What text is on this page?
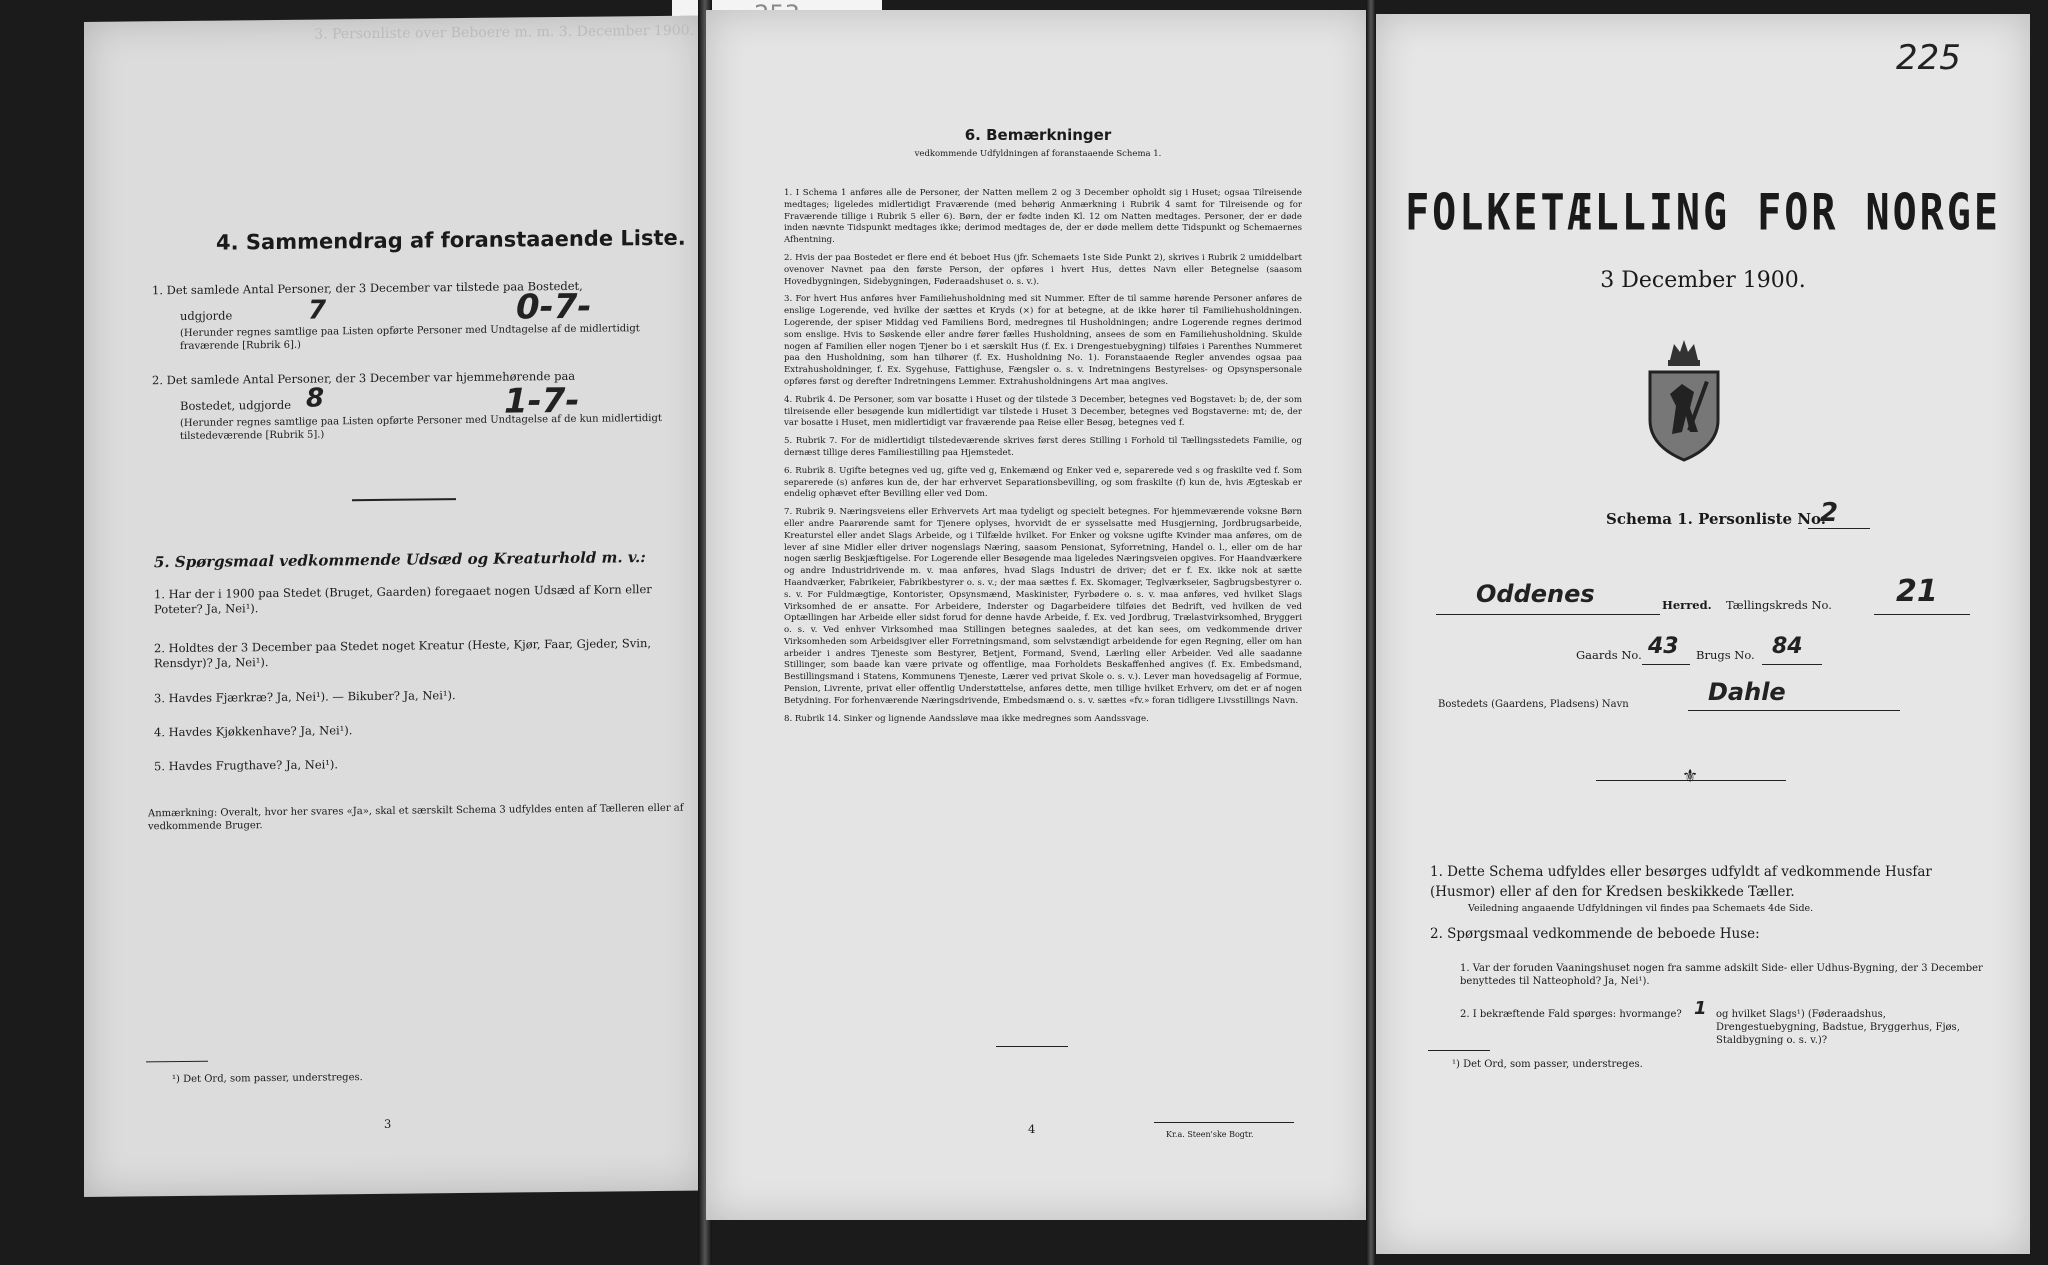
3. Personliste over Beboere m. m. 3. December 1900.

4. Sammendrag af foranstaaende Liste.

1. Det samlede Antal Personer, der 3 December var tilstede paa Bostedet,

udgjorde	7	0-7-

(Herunder regnes samtlige paa Listen opførte Personer med Undtagelse af de midlertidigt fraværende [Rubrik 6].)

2. Det samlede Antal Personer, der 3 December var hjemmehørende paa

Bostedet, udgjorde 8	1-7-

(Herunder regnes samtlige paa Listen opførte Personer med Undtagelse af de kun midlertidigt tilstedeværende [Rubrik 5].)

5. Spørgsmaal vedkommende Udsæd og Kreaturhold m. v.:

1. Har der i 1900 paa Stedet (Bruget, Gaarden) foregaaet nogen Udsæd af Korn eller Poteter? Ja, Nei¹).

2. Holdtes der 3 December paa Stedet noget Kreatur (Heste, Kjør, Faar, Gjeder, Svin, Rensdyr)? Ja, Nei¹).

3. Havdes Fjærkræ? Ja, Nei¹). — Bikuber? Ja, Nei¹).

4. Havdes Kjøkkenhave? Ja, Nei¹).

5. Havdes Frugthave? Ja, Nei¹).

Anmærkning: Overalt, hvor her svares «Ja», skal et særskilt Schema 3 udfyldes enten af Tælleren eller af vedkommende Bruger.

¹) Det Ord, som passer, understreges.

3

6. Bemærkninger

vedkommende Udfyldningen af foranstaaende Schema 1.

1. I Schema 1 anføres alle de Personer, der Natten mellem 2 og 3 December opholdt sig i Huset; ogsaa Tilreisende medtages; ligeledes midlertidigt Fraværende (med behørig Anmærkning i Rubrik 4 samt for Tilreisende og for Fraværende tillige i Rubrik 5 eller 6). Børn, der er fødte inden Kl. 12 om Natten medtages. Personer, der er døde inden nævnte Tidspunkt medtages ikke; derimod medtages de, der er døde mellem dette Tidspunkt og Schemaernes Afhentning.
2. Hvis der paa Bostedet er flere end ét beboet Hus (jfr. Schemaets 1ste Side Punkt 2), skrives i Rubrik 2 umiddelbart ovenover Navnet paa den første Person, der opføres i hvert Hus, dettes Navn eller Betegnelse (saasom Hovedbygningen, Sidebygningen, Føderaadshuset o. s. v.).
3. For hvert Hus anføres hver Familiehusholdning med sit Nummer. Efter de til samme hørende Personer anføres de enslige Logerende, ved hvilke der sættes et Kryds (×) for at betegne, at de ikke hører til Familiehusholdningen. Logerende, der spiser Middag ved Familiens Bord, medregnes til Husholdningen; andre Logerende regnes derimod som enslige. Hvis to Søskende eller andre fører fælles Husholdning, ansees de som en Familiehusholdning. Skulde nogen af Familien eller nogen Tjener bo i et særskilt Hus (f. Ex. i Drengestuebygning) tilføies i Parenthes Nummeret paa den Husholdning, som han tilhører (f. Ex. Husholdning No. 1). Foranstaaende Regler anvendes ogsaa paa Extrahusholdninger, f. Ex. Sygehuse, Fattighuse, Fængsler o. s. v. Indretningens Bestyrelses- og Opsynspersonale opføres først og derefter Indretningens Lemmer. Extrahusholdningens Art maa angives.
4. Rubrik 4. De Personer, som var bosatte i Huset og der tilstede 3 December, betegnes ved Bogstavet: b; de, der som tilreisende eller besøgende kun midlertidigt var tilstede i Huset 3 December, betegnes ved Bogstaverne: mt; de, der var bosatte i Huset, men midlertidigt var fraværende paa Reise eller Besøg, betegnes ved f.
5. Rubrik 7. For de midlertidigt tilstedeværende skrives først deres Stilling i Forhold til Tællingsstedets Familie, og dernæst tillige deres Familiestilling paa Hjemstedet.
6. Rubrik 8. Ugifte betegnes ved ug, gifte ved g, Enkemænd og Enker ved e, separerede ved s og fraskilte ved f. Som separerede (s) anføres kun de, der har erhvervet Separationsbevilling, og som fraskilte (f) kun de, hvis Ægteskab er endelig ophævet efter Bevilling eller ved Dom.
7. Rubrik 9. Næringsveiens eller Erhvervets Art maa tydeligt og specielt betegnes. For hjemmeværende voksne Børn eller andre Paarørende samt for Tjenere oplyses, hvorvidt de er sysselsatte med Husgjerning, Jordbrugsarbeide, Kreaturstel eller andet Slags Arbeide, og i Tilfælde hvilket. For Enker og voksne ugifte Kvinder maa anføres, om de lever af sine Midler eller driver nogenslags Næring, saasom Pensionat, Syforretning, Handel o. l., eller om de har nogen særlig Beskjæftigelse. For Logerende eller Besøgende maa ligeledes Næringsveien opgives. For Haandværkere og andre Industridrivende m. v. maa anføres, hvad Slags Industri de driver; det er f. Ex. ikke nok at sætte Haandværker, Fabrikeier, Fabrikbestyrer o. s. v.; der maa sættes f. Ex. Skomager, Teglværkseier, Sagbrugsbestyrer o. s. v. For Fuldmægtige, Kontorister, Opsynsmænd, Maskinister, Fyrbødere o. s. v. maa anføres, ved hvilket Slags Virksomhed de er ansatte. For Arbeidere, Inderster og Dagarbeidere tilføies det Bedrift, ved hvilken de ved Optællingen har Arbeide eller sidst forud for denne havde Arbeide, f. Ex. ved Jordbrug, Trælastvirksomhed, Bryggeri o. s. v. Ved enhver Virksomhed maa Stillingen betegnes saaledes, at det kan sees, om vedkommende driver Virksomheden som Arbeidsgiver eller Forretningsmand, som selvstændigt arbeidende for egen Regning, eller om han arbeider i andres Tjeneste som Bestyrer, Betjent, Formand, Svend, Lærling eller Arbeider. Ved alle saadanne Stillinger, som baade kan være private og offentlige, maa Forholdets Beskaffenhed angives (f. Ex. Embedsmand, Bestillingsmand i Statens, Kommunens Tjeneste, Lærer ved privat Skole o. s. v.). Lever man hovedsagelig af Formue, Pension, Livrente, privat eller offentlig Understøttelse, anføres dette, men tillige hvilket Erhverv, om det er af nogen Betydning. For forhenværende Næringsdrivende, Embedsmænd o. s. v. sættes «fv.» foran tidligere Livsstillings Navn.
8. Rubrik 14. Sinker og lignende Aandssløve maa ikke medregnes som Aandssvage.

4	Kr.a. Steen'ske Bogtr.

225

FOLKETÆLLING FOR NORGE

3 December 1900.

Schema 1. Personliste No.

2

Oddenes	Herred. Tællingskreds No. 21

Gaards No. 43 Brugs No. 84

Bostedets (Gaardens, Pladsens) Navn	Dahle

⚜

1. Dette Schema udfyldes eller besørges udfyldt af vedkommende Husfar (Husmor) eller af den for Kredsen beskikkede Tæller.

Veiledning angaaende Udfyldningen vil findes paa Schemaets 4de Side.

2. Spørgsmaal vedkommende de beboede Huse:

1. Var der foruden Vaaningshuset nogen fra samme adskilt Side- eller Udhus-Bygning, der 3 December benyttedes til Natteophold? Ja, Nei¹).

2. I bekræftende Fald spørges: hvormange? 1 og hvilket Slags¹) (Føderaadshus, Drengestuebygning, Badstue, Bryggerhus, Fjøs, Staldbygning o. s. v.)?

¹) Det Ord, som passer, understreges.
